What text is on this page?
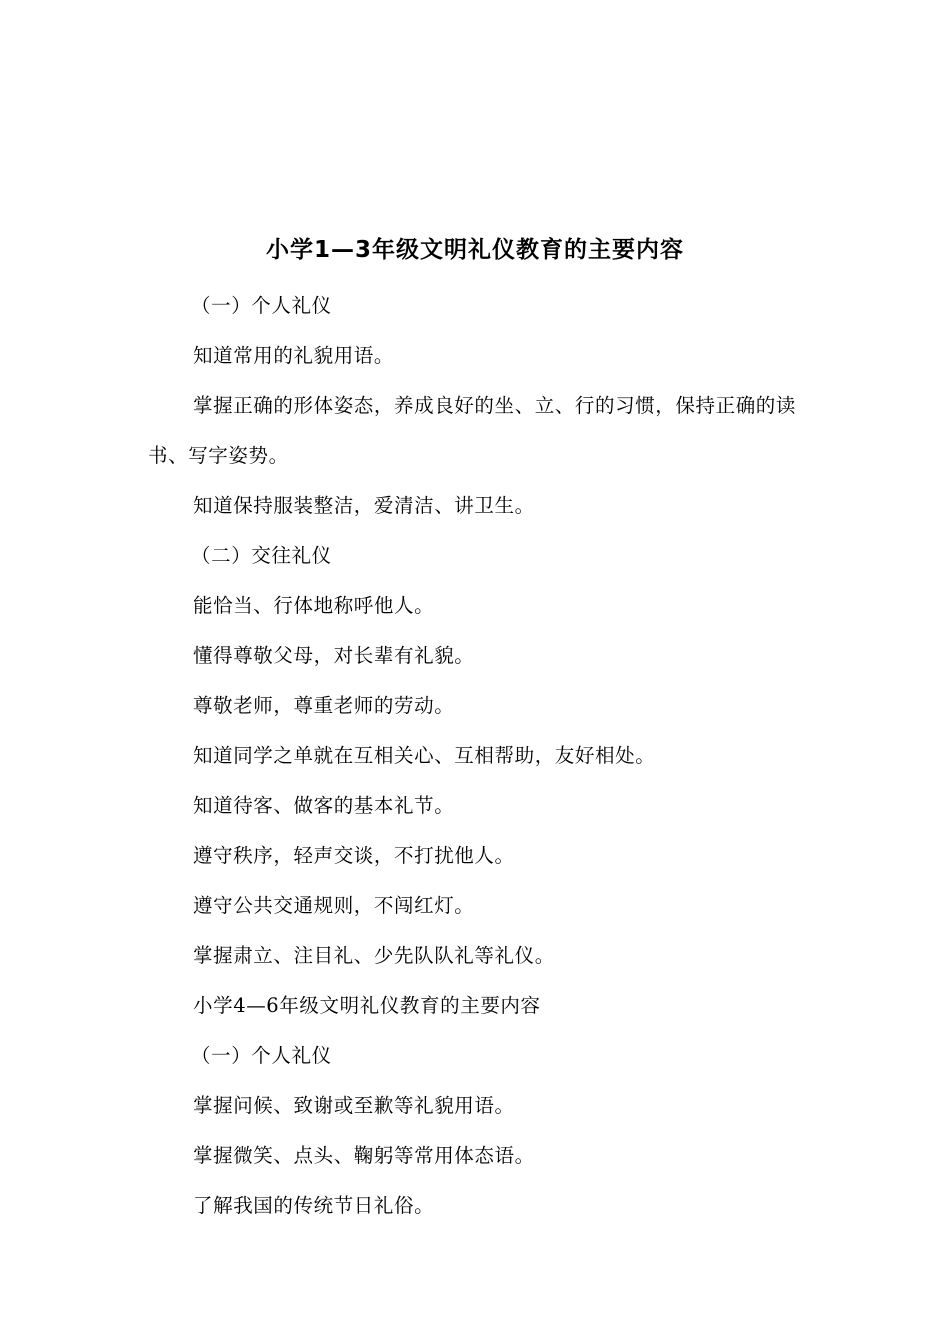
小学1—3年级文明礼仪教育的主要内容

（一）个人礼仪

知道常用的礼貌用语。

掌握正确的形体姿态，养成良好的坐、立、行的习惯，保持正确的读书、写字姿势。

知道保持服装整洁，爱清洁、讲卫生。

（二）交往礼仪

能恰当、行体地称呼他人。

懂得尊敬父母，对长辈有礼貌。

尊敬老师，尊重老师的劳动。

知道同学之单就在互相关心、互相帮助，友好相处。

知道待客、做客的基本礼节。

遵守秩序，轻声交谈，不打扰他人。

遵守公共交通规则，不闯红灯。

掌握肃立、注目礼、少先队队礼等礼仪。

小学4—6年级文明礼仪教育的主要内容

（一）个人礼仪

掌握问候、致谢或至歉等礼貌用语。

掌握微笑、点头、鞠躬等常用体态语。

了解我国的传统节日礼俗。
